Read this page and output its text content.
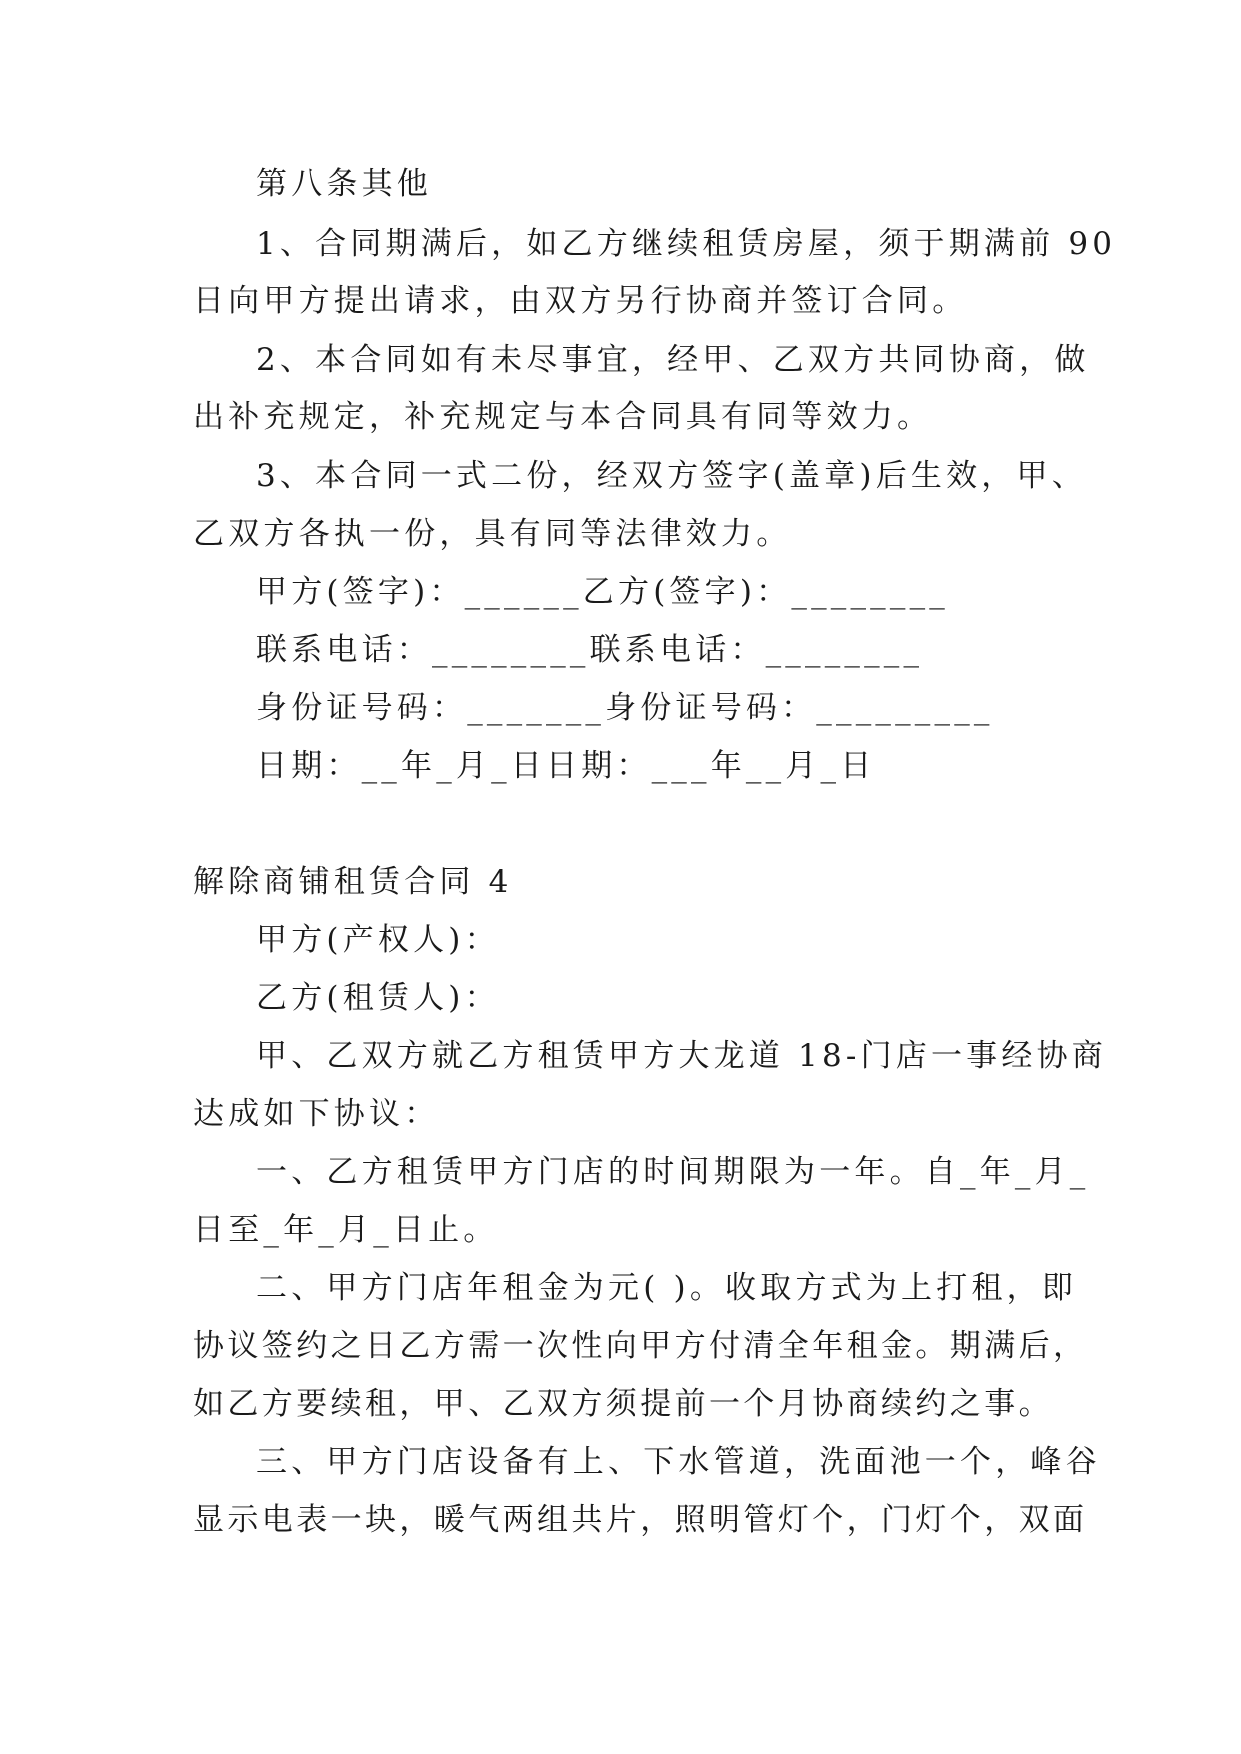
第八条其他
1、合同期满后，如乙方继续租赁房屋，须于期满前 90
日向甲方提出请求，由双方另行协商并签订合同。
2、本合同如有未尽事宜，经甲、乙双方共同协商，做
出补充规定，补充规定与本合同具有同等效力。
3、本合同一式二份，经双方签字(盖章)后生效，甲、
乙双方各执一份，具有同等法律效力。
甲方(签字)：______乙方(签字)：________
联系电话：________联系电话：________
身份证号码：_______身份证号码：_________
日期：__年_月_日日期：___年__月_日
解除商铺租赁合同 4
甲方(产权人)：
乙方(租赁人)：
甲、乙双方就乙方租赁甲方大龙道 18-门店一事经协商
达成如下协议：
一、乙方租赁甲方门店的时间期限为一年。自_年_月_
日至_年_月_日止。
二、甲方门店年租金为元( )。收取方式为上打租，即
协议签约之日乙方需一次性向甲方付清全年租金。期满后，
如乙方要续租，甲、乙双方须提前一个月协商续约之事。
三、甲方门店设备有上、下水管道，洗面池一个，峰谷
显示电表一块，暖气两组共片，照明管灯个，门灯个，双面
